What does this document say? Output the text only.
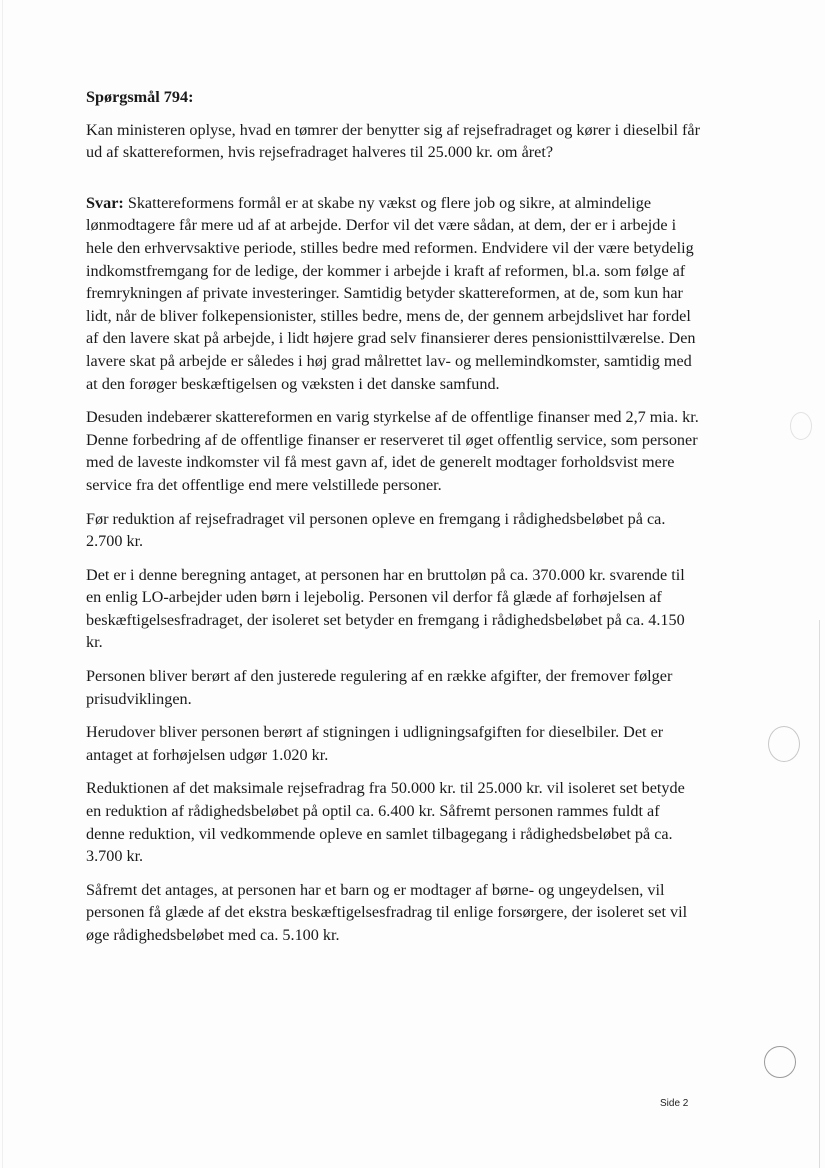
Spørgsmål 794:

Kan ministeren oplyse, hvad en tømrer der benytter sig af rejsefradraget og kører i dieselbil får ud af skattereformen, hvis rejsefradraget halveres til 25.000 kr. om året?

Svar: Skattereformens formål er at skabe ny vækst og flere job og sikre, at almindelige lønmodtagere får mere ud af at arbejde. Derfor vil det være sådan, at dem, der er i arbejde i hele den erhvervsaktive periode, stilles bedre med reformen. Endvidere vil der være betydelig indkomstfremgang for de ledige, der kommer i arbejde i kraft af reformen, bl.a. som følge af fremrykningen af private investeringer. Samtidig betyder skattereformen, at de, som kun har lidt, når de bliver folkepensionister, stilles bedre, mens de, der gennem arbejdslivet har fordel af den lavere skat på arbejde, i lidt højere grad selv finansierer deres pensionisttilværelse. Den lavere skat på arbejde er således i høj grad målrettet lav- og mellemindkomster, samtidig med at den forøger beskæftigelsen og væksten i det danske samfund.

Desuden indebærer skattereformen en varig styrkelse af de offentlige finanser med 2,7 mia. kr. Denne forbedring af de offentlige finanser er reserveret til øget offentlig service, som personer med de laveste indkomster vil få mest gavn af, idet de generelt modtager forholdsvist mere service fra det offentlige end mere velstillede personer.

Før reduktion af rejsefradraget vil personen opleve en fremgang i rådighedsbeløbet på ca. 2.700 kr.

Det er i denne beregning antaget, at personen har en bruttoløn på ca. 370.000 kr. svarende til en enlig LO-arbejder uden børn i lejebolig. Personen vil derfor få glæde af forhøjelsen af beskæftigelsesfradraget, der isoleret set betyder en fremgang i rådighedsbeløbet på ca. 4.150 kr.

Personen bliver berørt af den justerede regulering af en række afgifter, der fremover følger prisudviklingen.

Herudover bliver personen berørt af stigningen i udligningsafgiften for dieselbiler. Det er antaget at forhøjelsen udgør 1.020 kr.

Reduktionen af det maksimale rejsefradrag fra 50.000 kr. til 25.000 kr. vil isoleret set betyde en reduktion af rådighedsbeløbet på optil ca. 6.400 kr. Såfremt personen rammes fuldt af denne reduktion, vil vedkommende opleve en samlet tilbagegang i rådighedsbeløbet på ca. 3.700 kr.

Såfremt det antages, at personen har et barn og er modtager af børne- og ungeydelsen, vil personen få glæde af det ekstra beskæftigelsesfradrag til enlige forsørgere, der isoleret set vil øge rådighedsbeløbet med ca. 5.100 kr.

Side 2
